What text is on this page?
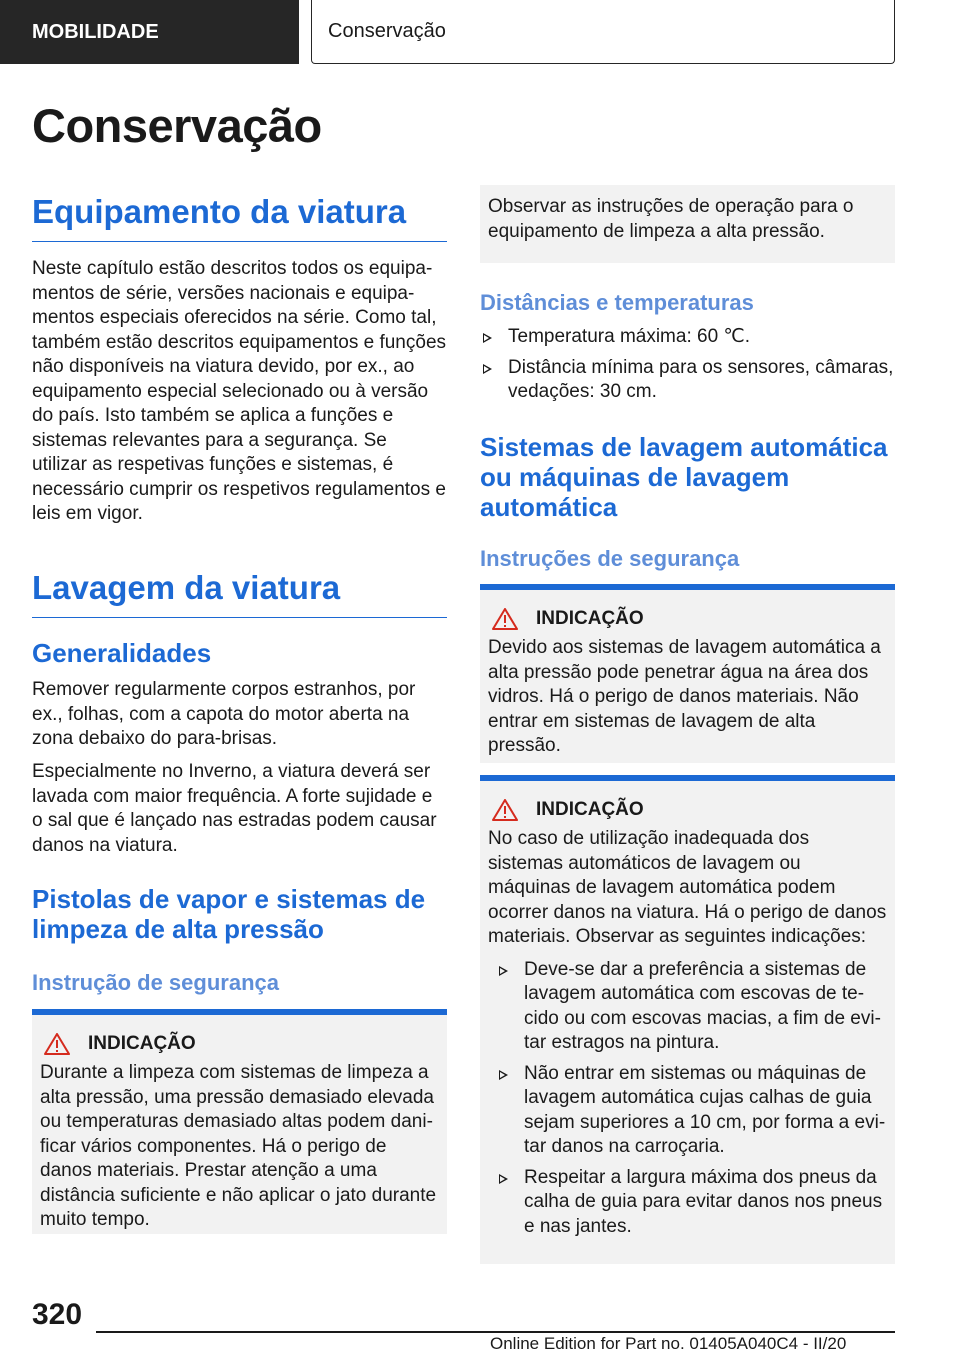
MOBILIDADE	Conservação
Conservação
Equipamento da viatura

Neste capítulo estão descritos todos os equipamentos de série, versões nacionais e equipamentos especiais oferecidos na série. Como tal, também estão descritos equipamentos e funções não disponíveis na viatura devido, por ex., ao equipamento especial selecionado ou à versão do país. Isto também se aplica a funções e sistemas relevantes para a segurança. Se utilizar as respetivas funções e sistemas, é necessário cumprir os respetivos regulamentos e leis em vigor.

Lavagem da viatura
Generalidades

Remover regularmente corpos estranhos, por ex., folhas, com a capota do motor aberta na zona debaixo do para-brisas.

Especialmente no Inverno, a viatura deverá ser lavada com maior frequência. A forte sujidade e o sal que é lançado nas estradas podem causar danos na viatura.

Pistolas de vapor e sistemas de limpeza de alta pressão
Instrução de segurança
INDICAÇÃO

Durante a limpeza com sistemas de limpeza a alta pressão, uma pressão demasiado elevada ou temperaturas demasiado altas podem danificar vários componentes. Há o perigo de danos materiais. Prestar atenção a uma distância suficiente e não aplicar o jato durante muito tempo.

Observar as instruções de operação para o equipamento de limpeza a alta pressão.

Distâncias e temperaturas
Temperatura máxima: 60 ℃.
Distância mínima para os sensores, câmaras, vedações: 30 cm.
Sistemas de lavagem automática ou máquinas de lavagem automática
Instruções de segurança
INDICAÇÃO

Devido aos sistemas de lavagem automática a alta pressão pode penetrar água na área dos vidros. Há o perigo de danos materiais. Não entrar em sistemas de lavagem de alta pressão.

INDICAÇÃO

No caso de utilização inadequada dos sistemas automáticos de lavagem ou máquinas de lavagem automática podem ocorrer danos na viatura. Há o perigo de danos materiais. Observar as seguintes indicações:

Deve-se dar a preferência a sistemas de lavagem automática com escovas de tecido ou com escovas macias, a fim de evitar estragos na pintura.
Não entrar em sistemas ou máquinas de lavagem automática cujas calhas de guia sejam superiores a 10 cm, por forma a evitar danos na carroçaria.
Respeitar a largura máxima dos pneus da calha de guia para evitar danos nos pneus e nas jantes.

320

Online Edition for Part no. 01405A040C4 - II/20
